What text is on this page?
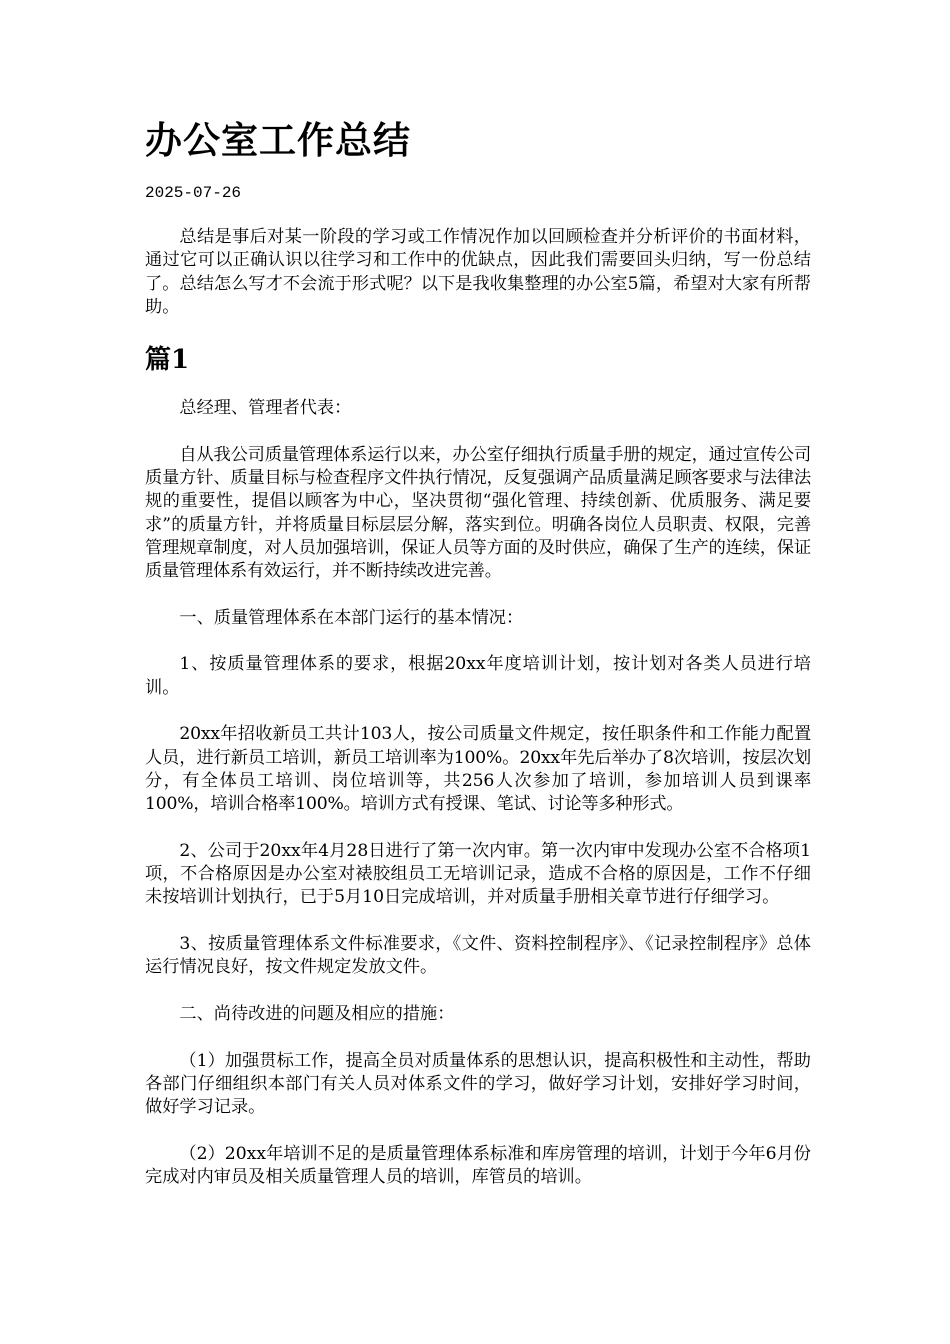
办公室工作总结
2025-07-26

总结是事后对某一阶段的学习或工作情况作加以回顾检查并分析评价的书面材料，通过它可以正确认识以往学习和工作中的优缺点，因此我们需要回头归纳，写一份总结了。总结怎么写才不会流于形式呢？以下是我收集整理的办公室5篇，希望对大家有所帮助。

篇1

总经理、管理者代表：

自从我公司质量管理体系运行以来，办公室仔细执行质量手册的规定，通过宣传公司质量方针、质量目标与检查程序文件执行情况，反复强调产品质量满足顾客要求与法律法规的重要性，提倡以顾客为中心，坚决贯彻“强化管理、持续创新、优质服务、满足要求”的质量方针，并将质量目标层层分解，落实到位。明确各岗位人员职责、权限，完善管理规章制度，对人员加强培训，保证人员等方面的及时供应，确保了生产的连续，保证质量管理体系有效运行，并不断持续改进完善。

一、质量管理体系在本部门运行的基本情况：

1、按质量管理体系的要求，根据20xx年度培训计划，按计划对各类人员进行培训。

20xx年招收新员工共计103人，按公司质量文件规定，按任职条件和工作能力配置人员，进行新员工培训，新员工培训率为100%。20xx年先后举办了8次培训，按层次划分，有全体员工培训、岗位培训等，共256人次参加了培训，参加培训人员到课率100%，培训合格率100%。培训方式有授课、笔试、讨论等多种形式。

2、公司于20xx年4月28日进行了第一次内审。第一次内审中发现办公室不合格项1项，不合格原因是办公室对裱胶组员工无培训记录，造成不合格的原因是，工作不仔细未按培训计划执行，已于5月10日完成培训，并对质量手册相关章节进行仔细学习。

3、按质量管理体系文件标准要求，《文件、资料控制程序》、《记录控制程序》总体运行情况良好，按文件规定发放文件。

二、尚待改进的问题及相应的措施：

（1）加强贯标工作，提高全员对质量体系的思想认识，提高积极性和主动性，帮助各部门仔细组织本部门有关人员对体系文件的学习，做好学习计划，安排好学习时间，做好学习记录。

（2）20xx年培训不足的是质量管理体系标准和库房管理的培训，计划于今年6月份完成对内审员及相关质量管理人员的培训，库管员的培训。
